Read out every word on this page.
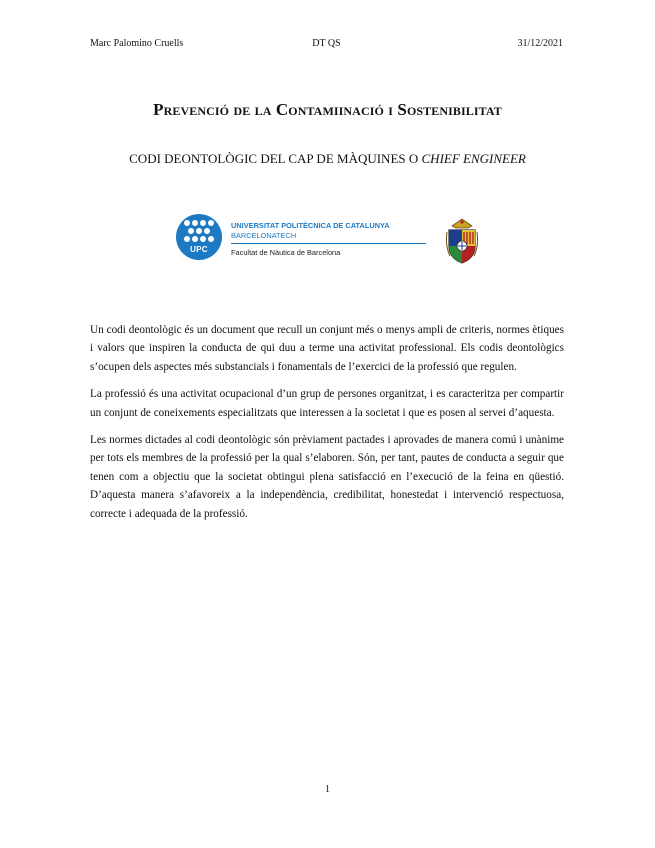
Marc Palomino Cruells	DT QS	31/12/2021
Prevenció de la Contamiinació i Sostenibilitat
CODI DEONTOLÒGIC DEL CAP DE MÀQUINES O CHIEF ENGINEER
UPC
UNIVERSITAT POLITÈCNICA DE CATALUNYA
BARCELONATECH
Facultat de Nàutica de Barcelona

Un codi deontològic és un document que recull un conjunt més o menys ampli de criteris, normes ètiques i valors que inspiren la conducta de qui duu a terme una activitat professional. Els codis deontològics s’ocupen dels aspectes més substancials i fonamentals de l’exercici de la professió que regulen.

La professió és una activitat ocupacional d’un grup de persones organitzat, i es caracteritza per compartir un conjunt de coneixements especialitzats que interessen a la societat i que es posen al servei d’aquesta.

Les normes dictades al codi deontològic són prèviament pactades i aprovades de manera comú i unànime per tots els membres de la professió per la qual s’elaboren. Són, per tant, pautes de conducta a seguir que tenen com a objectiu que la societat obtingui plena satisfacció en l’execució de la feina en qüestió. D’aquesta manera s’afavoreix a la independència, credibilitat, honestedat i intervenció respectuosa, correcte i adequada de la professió.

1
